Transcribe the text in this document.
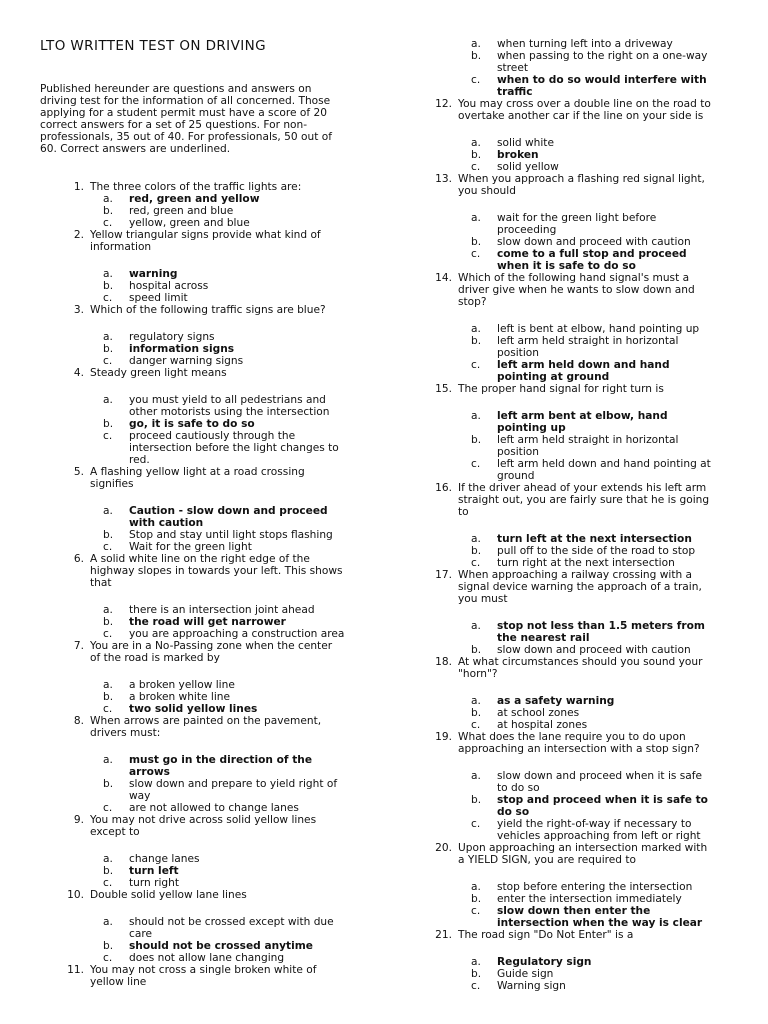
LTO WRITTEN TEST ON DRIVING
Published hereunder are questions and answers on
driving test for the information of all concerned. Those
applying for a student permit must have a score of 20
correct answers for a set of 25 questions. For non-
professionals, 35 out of 40. For professionals, 50 out of
60. Correct answers are underlined.
1. The three colors of the traffic lights are:
a.	red, green and yellow
b.	red, green and blue
c.	yellow, green and blue
2. Yellow triangular signs provide what kind of
information
a.	warning
b.	hospital across
c.	speed limit
3. Which of the following traffic signs are blue?
a.	regulatory signs
b.	information signs
c.	danger warning signs
4. Steady green light means
a.	you must yield to all pedestrians and
other motorists using the intersection
b.	go, it is safe to do so
c.	proceed cautiously through the
intersection before the light changes to
red.
5. A flashing yellow light at a road crossing
signifies
a.	Caution - slow down and proceed
with caution
b.	Stop and stay until light stops flashing
c.	Wait for the green light
6. A solid white line on the right edge of the
highway slopes in towards your left. This shows
that
a.	there is an intersection joint ahead
b.	the road will get narrower
c.	you are approaching a construction area
7. You are in a No-Passing zone when the center
of the road is marked by
a.	a broken yellow line
b.	a broken white line
c.	two solid yellow lines
8. When arrows are painted on the pavement,
drivers must:
a.	must go in the direction of the
arrows
b.	slow down and prepare to yield right of
way
c.	are not allowed to change lanes
9. You may not drive across solid yellow lines
except to
a.	change lanes
b.	turn left
c.	turn right
10. Double solid yellow lane lines
a.	should not be crossed except with due
care
b.	should not be crossed anytime
c.	does not allow lane changing
11. You may not cross a single broken white of
yellow line
a.	when turning left into a driveway
b.	when passing to the right on a one-way
street
c.	when to do so would interfere with
traffic
12. You may cross over a double line on the road to
overtake another car if the line on your side is
a.	solid white
b.	broken
c.	solid yellow
13. When you approach a flashing red signal light,
you should
a.	wait for the green light before
proceeding
b.	slow down and proceed with caution
c.	come to a full stop and proceed
when it is safe to do so
14. Which of the following hand signal's must a
driver give when he wants to slow down and
stop?
a.	left is bent at elbow, hand pointing up
b.	left arm held straight in horizontal
position
c.	left arm held down and hand
pointing at ground
15. The proper hand signal for right turn is
a.	left arm bent at elbow, hand
pointing up
b.	left arm held straight in horizontal
position
c.	left arm held down and hand pointing at
ground
16. If the driver ahead of your extends his left arm
straight out, you are fairly sure that he is going
to
a.	turn left at the next intersection
b.	pull off to the side of the road to stop
c.	turn right at the next intersection
17. When approaching a railway crossing with a
signal device warning the approach of a train,
you must
a.	stop not less than 1.5 meters from
the nearest rail
b.	slow down and proceed with caution
18. At what circumstances should you sound your
"horn"?
a.	as a safety warning
b.	at school zones
c.	at hospital zones
19. What does the lane require you to do upon
approaching an intersection with a stop sign?
a.	slow down and proceed when it is safe
to do so
b.	stop and proceed when it is safe to
do so
c.	yield the right-of-way if necessary to
vehicles approaching from left or right
20. Upon approaching an intersection marked with
a YIELD SIGN, you are required to
a.	stop before entering the intersection
b.	enter the intersection immediately
c.	slow down then enter the
intersection when the way is clear
21. The road sign "Do Not Enter" is a
a.	Regulatory sign
b.	Guide sign
c.	Warning sign
